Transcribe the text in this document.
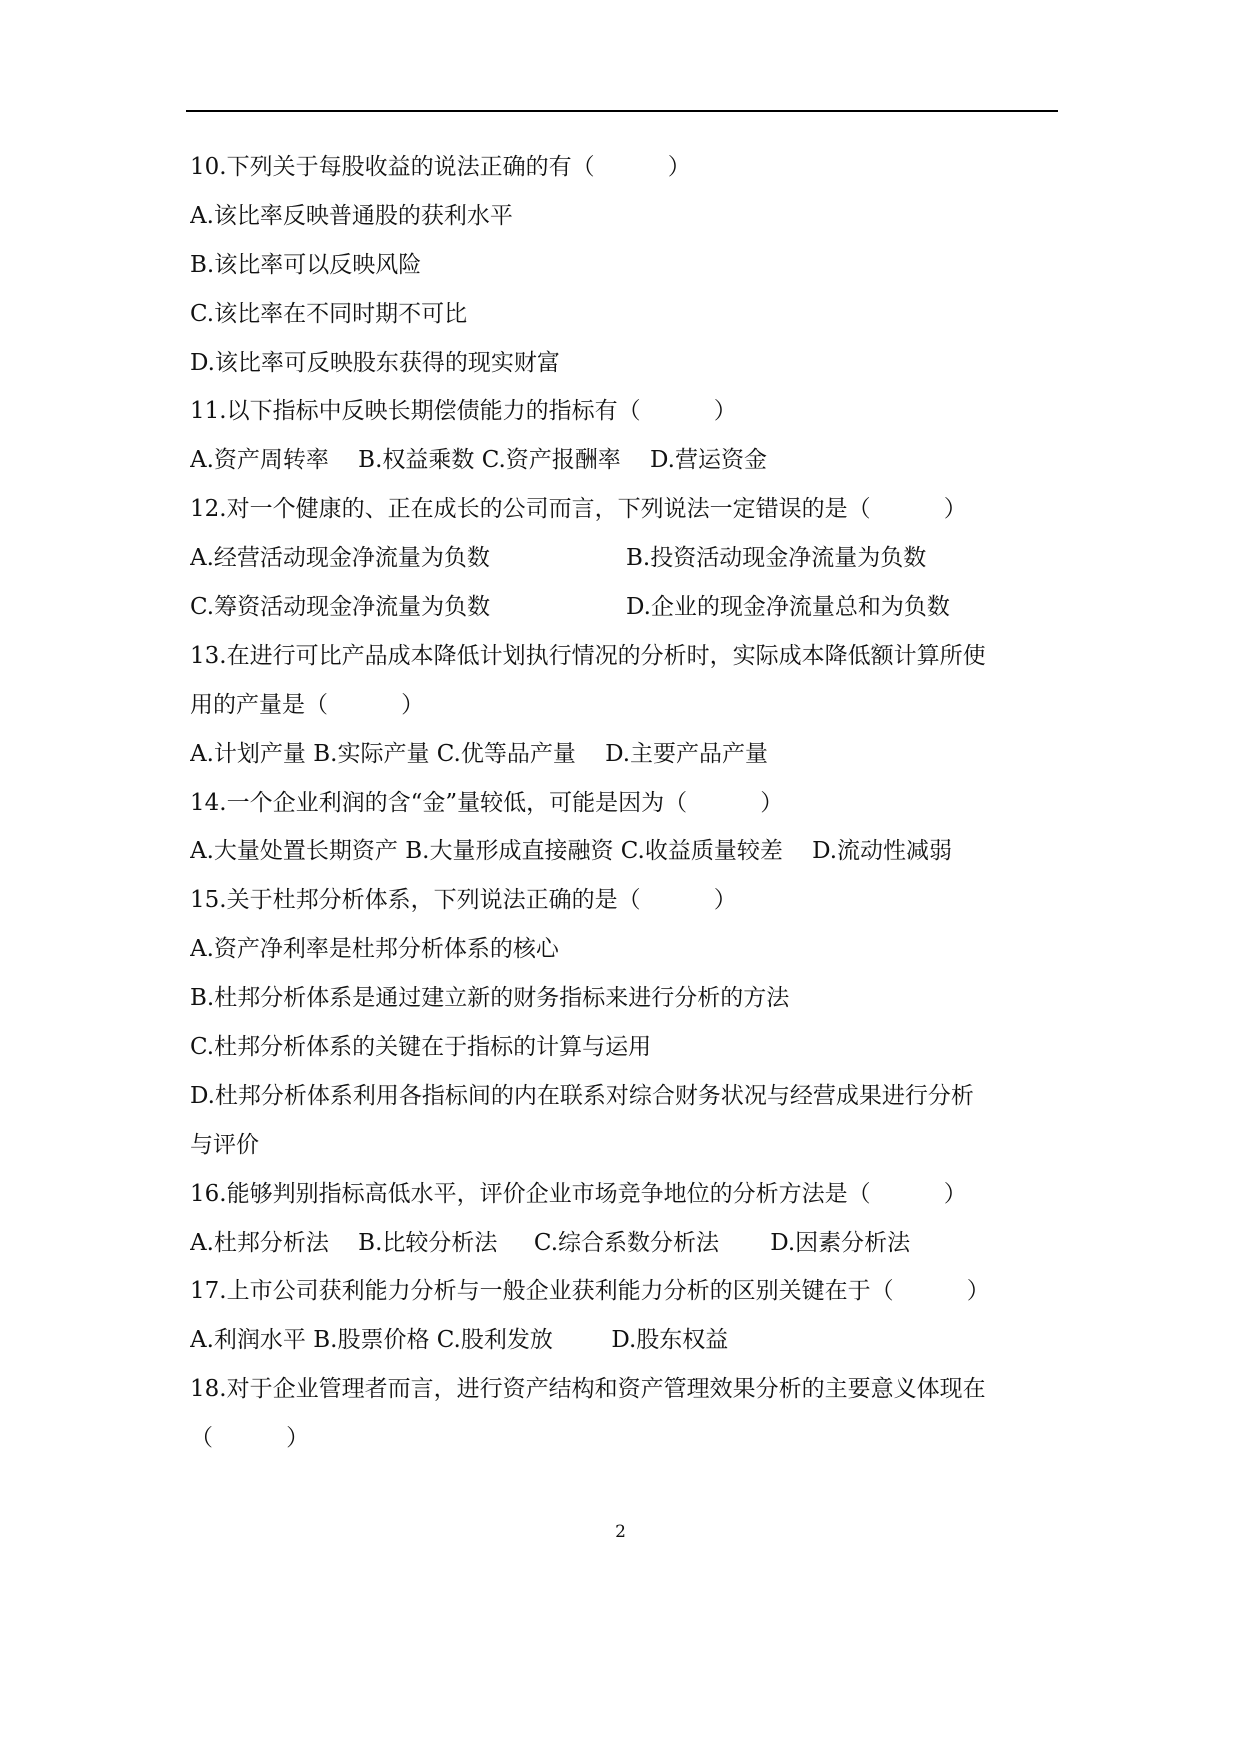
10.下列关于每股收益的说法正确的有（          ）
A.该比率反映普通股的获利水平
B.该比率可以反映风险
C.该比率在不同时期不可比
D.该比率可反映股东获得的现实财富
11.以下指标中反映长期偿债能力的指标有（          ）
A.资产周转率    B.权益乘数 C.资产报酬率    D.营运资金
12.对一个健康的、正在成长的公司而言，下列说法一定错误的是（          ）
A.经营活动现金净流量为负数	B.投资活动现金净流量为负数
C.筹资活动现金净流量为负数	D.企业的现金净流量总和为负数
13.在进行可比产品成本降低计划执行情况的分析时，实际成本降低额计算所使
用的产量是（          ）
A.计划产量 B.实际产量 C.优等品产量    D.主要产品产量
14.一个企业利润的含“金”量较低，可能是因为（          ）
A.大量处置长期资产 B.大量形成直接融资 C.收益质量较差    D.流动性减弱
15.关于杜邦分析体系，下列说法正确的是（          ）
A.资产净利率是杜邦分析体系的核心
B.杜邦分析体系是通过建立新的财务指标来进行分析的方法
C.杜邦分析体系的关键在于指标的计算与运用
D.杜邦分析体系利用各指标间的内在联系对综合财务状况与经营成果进行分析
与评价
16.能够判别指标高低水平，评价企业市场竞争地位的分析方法是（          ）
A.杜邦分析法    B.比较分析法     C.综合系数分析法       D.因素分析法
17.上市公司获利能力分析与一般企业获利能力分析的区别关键在于（          ）
A.利润水平 B.股票价格 C.股利发放        D.股东权益
18.对于企业管理者而言，进行资产结构和资产管理效果分析的主要意义体现在
（          ）
2
